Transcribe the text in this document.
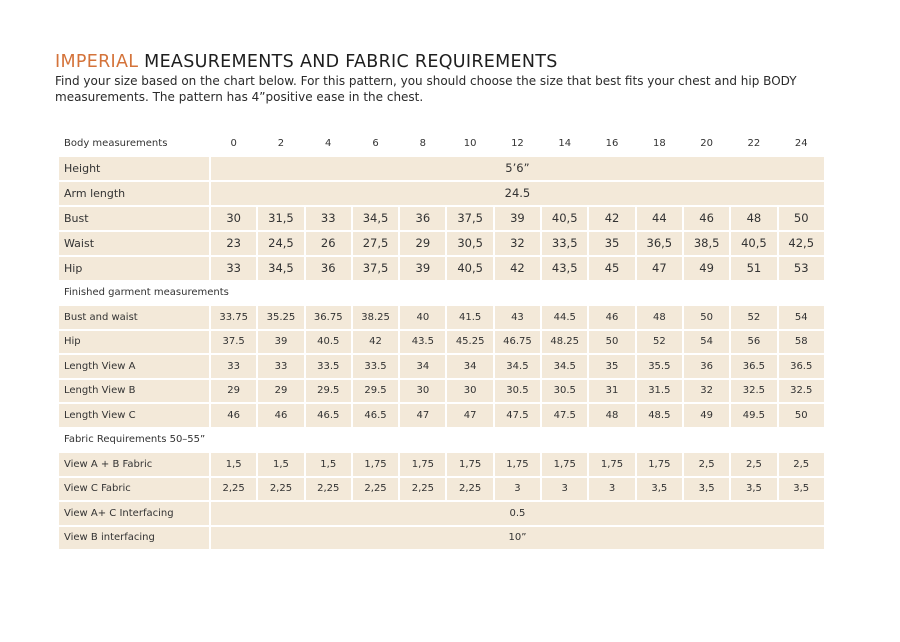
IMPERIAL MEASUREMENTS AND FABRIC REQUIREMENTS

Find your size based on the chart below. For this pattern, you should choose the size that best fits your chest and hip BODY measurements. The pattern has 4”positive ease in the chest.

Body measurements	0	2	4	6	8	10	12	14	16	18	20	22	24
Height	5’6”												
Arm length	24.5												
Bust	30	31,5	33	34,5	36	37,5	39	40,5	42	44	46	48	50
Waist	23	24,5	26	27,5	29	30,5	32	33,5	35	36,5	38,5	40,5	42,5
Hip	33	34,5	36	37,5	39	40,5	42	43,5	45	47	49	51	53
Finished garment measurements													
Bust and waist	33.75	35.25	36.75	38.25	40	41.5	43	44.5	46	48	50	52	54
Hip	37.5	39	40.5	42	43.5	45.25	46.75	48.25	50	52	54	56	58
Length View A	33	33	33.5	33.5	34	34	34.5	34.5	35	35.5	36	36.5	36.5
Length View B	29	29	29.5	29.5	30	30	30.5	30.5	31	31.5	32	32.5	32.5
Length View C	46	46	46.5	46.5	47	47	47.5	47.5	48	48.5	49	49.5	50
Fabric Requirements 50–55”													
View A + B Fabric	1,5	1,5	1,5	1,75	1,75	1,75	1,75	1,75	1,75	1,75	2,5	2,5	2,5
View C Fabric	2,25	2,25	2,25	2,25	2,25	2,25	3	3	3	3,5	3,5	3,5	3,5
View A+ C Interfacing	0.5												
View B interfacing	10”												
